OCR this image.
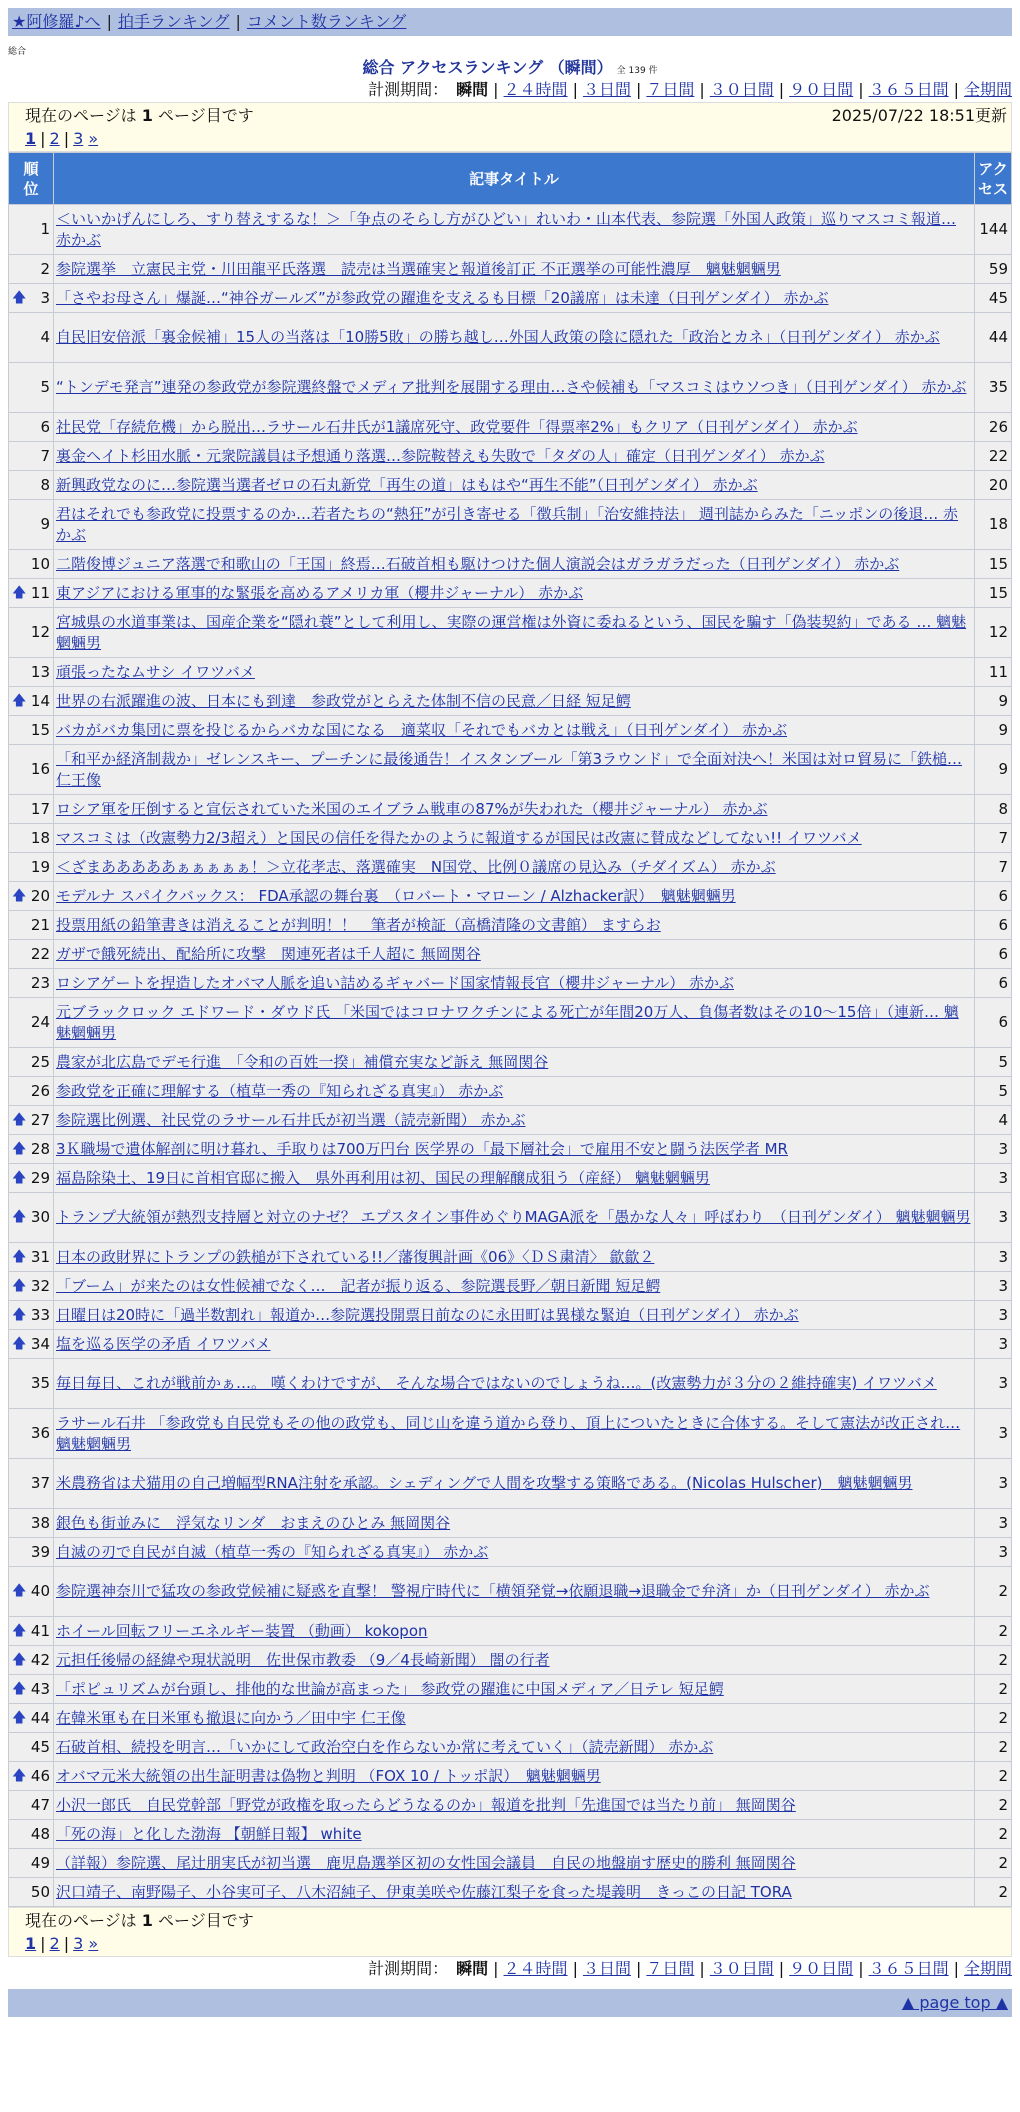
★阿修羅♪へ | 拍手ランキング | コメント数ランキング
総合
総合 アクセスランキング （瞬間） 全 139 件
計測期間： 瞬間 | ２４時間 | ３日間 | ７日間 | ３０日間 | ９０日間 | ３６５日間 | 全期間
現在のページは 1 ページ目です	2025/07/22 18:51更新
1 | 2 | 3 »
順位	記事タイトル	アクセス

1	＜いいかげんにしろ、すり替えするな！＞「争点のそらし方がひどい」れいわ・山本代表、参院選「外国人政策」巡りマスコミ報道… 赤かぶ	144
2	参院選挙　立憲民主党・川田龍平氏落選　読売は当選確実と報道後訂正 不正選挙の可能性濃厚　魑魅魍魎男	59

🡅 3	「さやお母さん」爆誕…“神谷ガールズ”が参政党の躍進を支えるも目標「20議席」は未達（日刊ゲンダイ） 赤かぶ	45
4	自民旧安倍派「裏金候補」15人の当落は「10勝5敗」の勝ち越し…外国人政策の陰に隠れた「政治とカネ」（日刊ゲンダイ） 赤かぶ	44
5	“トンデモ発言”連発の参政党が参院選終盤でメディア批判を展開する理由…さや候補も「マスコミはウソつき」（日刊ゲンダイ） 赤かぶ	35
6	社民党「存続危機」から脱出…ラサール石井氏が1議席死守、政党要件「得票率2%」もクリア（日刊ゲンダイ） 赤かぶ	26
7	裏金ヘイト杉田水脈・元衆院議員は予想通り落選…参院鞍替えも失敗で「タダの人」確定（日刊ゲンダイ） 赤かぶ	22
8	新興政党なのに…参院選当選者ゼロの石丸新党「再生の道」はもはや“再生不能”（日刊ゲンダイ） 赤かぶ	20
9	君はそれでも参政党に投票するのか…若者たちの“熱狂”が引き寄せる「徴兵制」「治安維持法」 週刊誌からみた「ニッポンの後退… 赤かぶ	18
10	二階俊博ジュニア落選で和歌山の「王国」終焉…石破首相も駆けつけた個人演説会はガラガラだった（日刊ゲンダイ） 赤かぶ	15

🡅 11	東アジアにおける軍事的な緊張を高めるアメリカ軍（櫻井ジャーナル） 赤かぶ	15
12	宮城県の水道事業は、国産企業を“隠れ蓑”として利用し、実際の運営権は外資に委ねるという、国民を騙す「偽装契約」である … 魑魅魍魎男	12
13	頑張ったなムサシ イワツバメ	11

🡅 14	世界の右派躍進の波、日本にも到達　参政党がとらえた体制不信の民意／日経 短足鰐	9
15	バカがバカ集団に票を投じるからバカな国になる　適菜収「それでもバカとは戦え」（日刊ゲンダイ） 赤かぶ	9
16	「和平か経済制裁か」ゼレンスキー、プーチンに最後通告！イスタンブール「第3ラウンド」で全面対決へ！米国は対ロ貿易に「鉄槌… 仁王像	9
17	ロシア軍を圧倒すると宣伝されていた米国のエイブラム戦車の87%が失われた（櫻井ジャーナル） 赤かぶ	8
18	マスコミは（改憲勢力2/3超え）と国民の信任を得たかのように報道するが国民は改憲に賛成などしてない!! イワツバメ	7
19	＜ざまあああああぁぁぁぁぁ！＞立花孝志、落選確実　N国党、比例０議席の見込み（チダイズム） 赤かぶ	7

🡅 20	モデルナ スパイクバックス： FDA承認の舞台裏　（ロバート・マローン / Alzhacker訳）　魑魅魍魎男	6
21	投票用紙の鉛筆書きは消えることが判明！！　筆者が検証（高橋清隆の文書館） ますらお	6
22	ガザで餓死続出、配給所に攻撃　関連死者は千人超に 無岡関谷	6
23	ロシアゲートを捏造したオバマ人脈を追い詰めるギャバード国家情報長官（櫻井ジャーナル） 赤かぶ	6
24	元ブラックロック エドワード・ダウド氏 「米国ではコロナワクチンによる死亡が年間20万人、負傷者数はその10～15倍」（連新… 魑魅魍魎男	6
25	農家が北広島でデモ行進　「令和の百姓一揆」補償充実など訴え 無岡関谷	5
26	参政党を正確に理解する（植草一秀の『知られざる真実』） 赤かぶ	5

🡅 27	参院選比例選、社民党のラサール石井氏が初当選（読売新聞） 赤かぶ	4

🡅 28	3Ｋ職場で遺体解剖に明け暮れ、手取りは700万円台 医学界の「最下層社会」で雇用不安と闘う法医学者 MR	3

🡅 29	福島除染土、19日に首相官邸に搬入　県外再利用は初、国民の理解醸成狙う（産経） 魑魅魍魎男	3

🡅 30	トランプ大統領が熱烈支持層と対立のナゼ？ エプスタイン事件めぐりMAGA派を「愚かな人々」呼ばわり　（日刊ゲンダイ） 魑魅魍魎男	3

🡅 31	日本の政財界にトランプの鉄槌が下されている!!／藩復興計画《06》〈ＤＳ粛清〉 歙歙２	3

🡅 32	「ブーム」が来たのは女性候補でなく…　記者が振り返る、参院選長野／朝日新聞 短足鰐	3

🡅 33	日曜日は20時に「過半数割れ」報道か…参院選投開票日前なのに永田町は異様な緊迫（日刊ゲンダイ） 赤かぶ	3

🡅 34	塩を巡る医学の矛盾 イワツバメ	3
35	毎日毎日、これが戦前かぁ…。 嘆くわけですが、 そんな場合ではないのでしょうね…。(改憲勢力が３分の２維持確実) イワツバメ	3
36	ラサール石井 「参政党も自民党もその他の政党も、同じ山を違う道から登り、頂上についたときに合体する。そして憲法が改正され… 魑魅魍魎男	3
37	米農務省は犬猫用の自己増幅型RNA注射を承認。シェディングで人間を攻撃する策略である。(Nicolas Hulscher)　魑魅魍魎男	3
38	銀色も街並みに　浮気なリンダ　おまえのひとみ 無岡関谷	3
39	自滅の刃で自民が自滅（植草一秀の『知られざる真実』） 赤かぶ	3

🡅 40	参院選神奈川で猛攻の参政党候補に疑惑を直撃！ 警視庁時代に「横領発覚→依願退職→退職金で弁済」か（日刊ゲンダイ） 赤かぶ	2

🡅 41	ホイール回転フリーエネルギー装置 （動画） kokopon	2

🡅 42	元担任後帰の経緯や現状説明　佐世保市教委 （9／4長崎新聞） 闇の行者	2

🡅 43	「ポピュリズムが台頭し、排他的な世論が高まった」 参政党の躍進に中国メディア／日テレ 短足鰐	2

🡅 44	在韓米軍も在日米軍も撤退に向かう／田中宇 仁王像	2
45	石破首相、続投を明言…「いかにして政治空白を作らないか常に考えていく」（読売新聞） 赤かぶ	2

🡅 46	オバマ元米大統領の出生証明書は偽物と判明 （FOX 10 / トッポ訳）　魑魅魍魎男	2
47	小沢一郎氏　自民党幹部「野党が政権を取ったらどうなるのか」報道を批判「先進国では当たり前」 無岡関谷	2
48	「死の海」と化した渤海 【朝鮮日報】 white	2
49	（詳報）参院選、尾辻朋実氏が初当選　鹿児島選挙区初の女性国会議員　自民の地盤崩す歴史的勝利 無岡関谷	2
50	沢口靖子、南野陽子、小谷実可子、八木沼純子、伊東美咲や佐藤江梨子を食った堤義明　きっこの日記 TORA	2
現在のページは 1 ページ目です
1 | 2 | 3 »
計測期間： 瞬間 | ２４時間 | ３日間 | ７日間 | ３０日間 | ９０日間 | ３６５日間 | 全期間
▲ page top ▲
